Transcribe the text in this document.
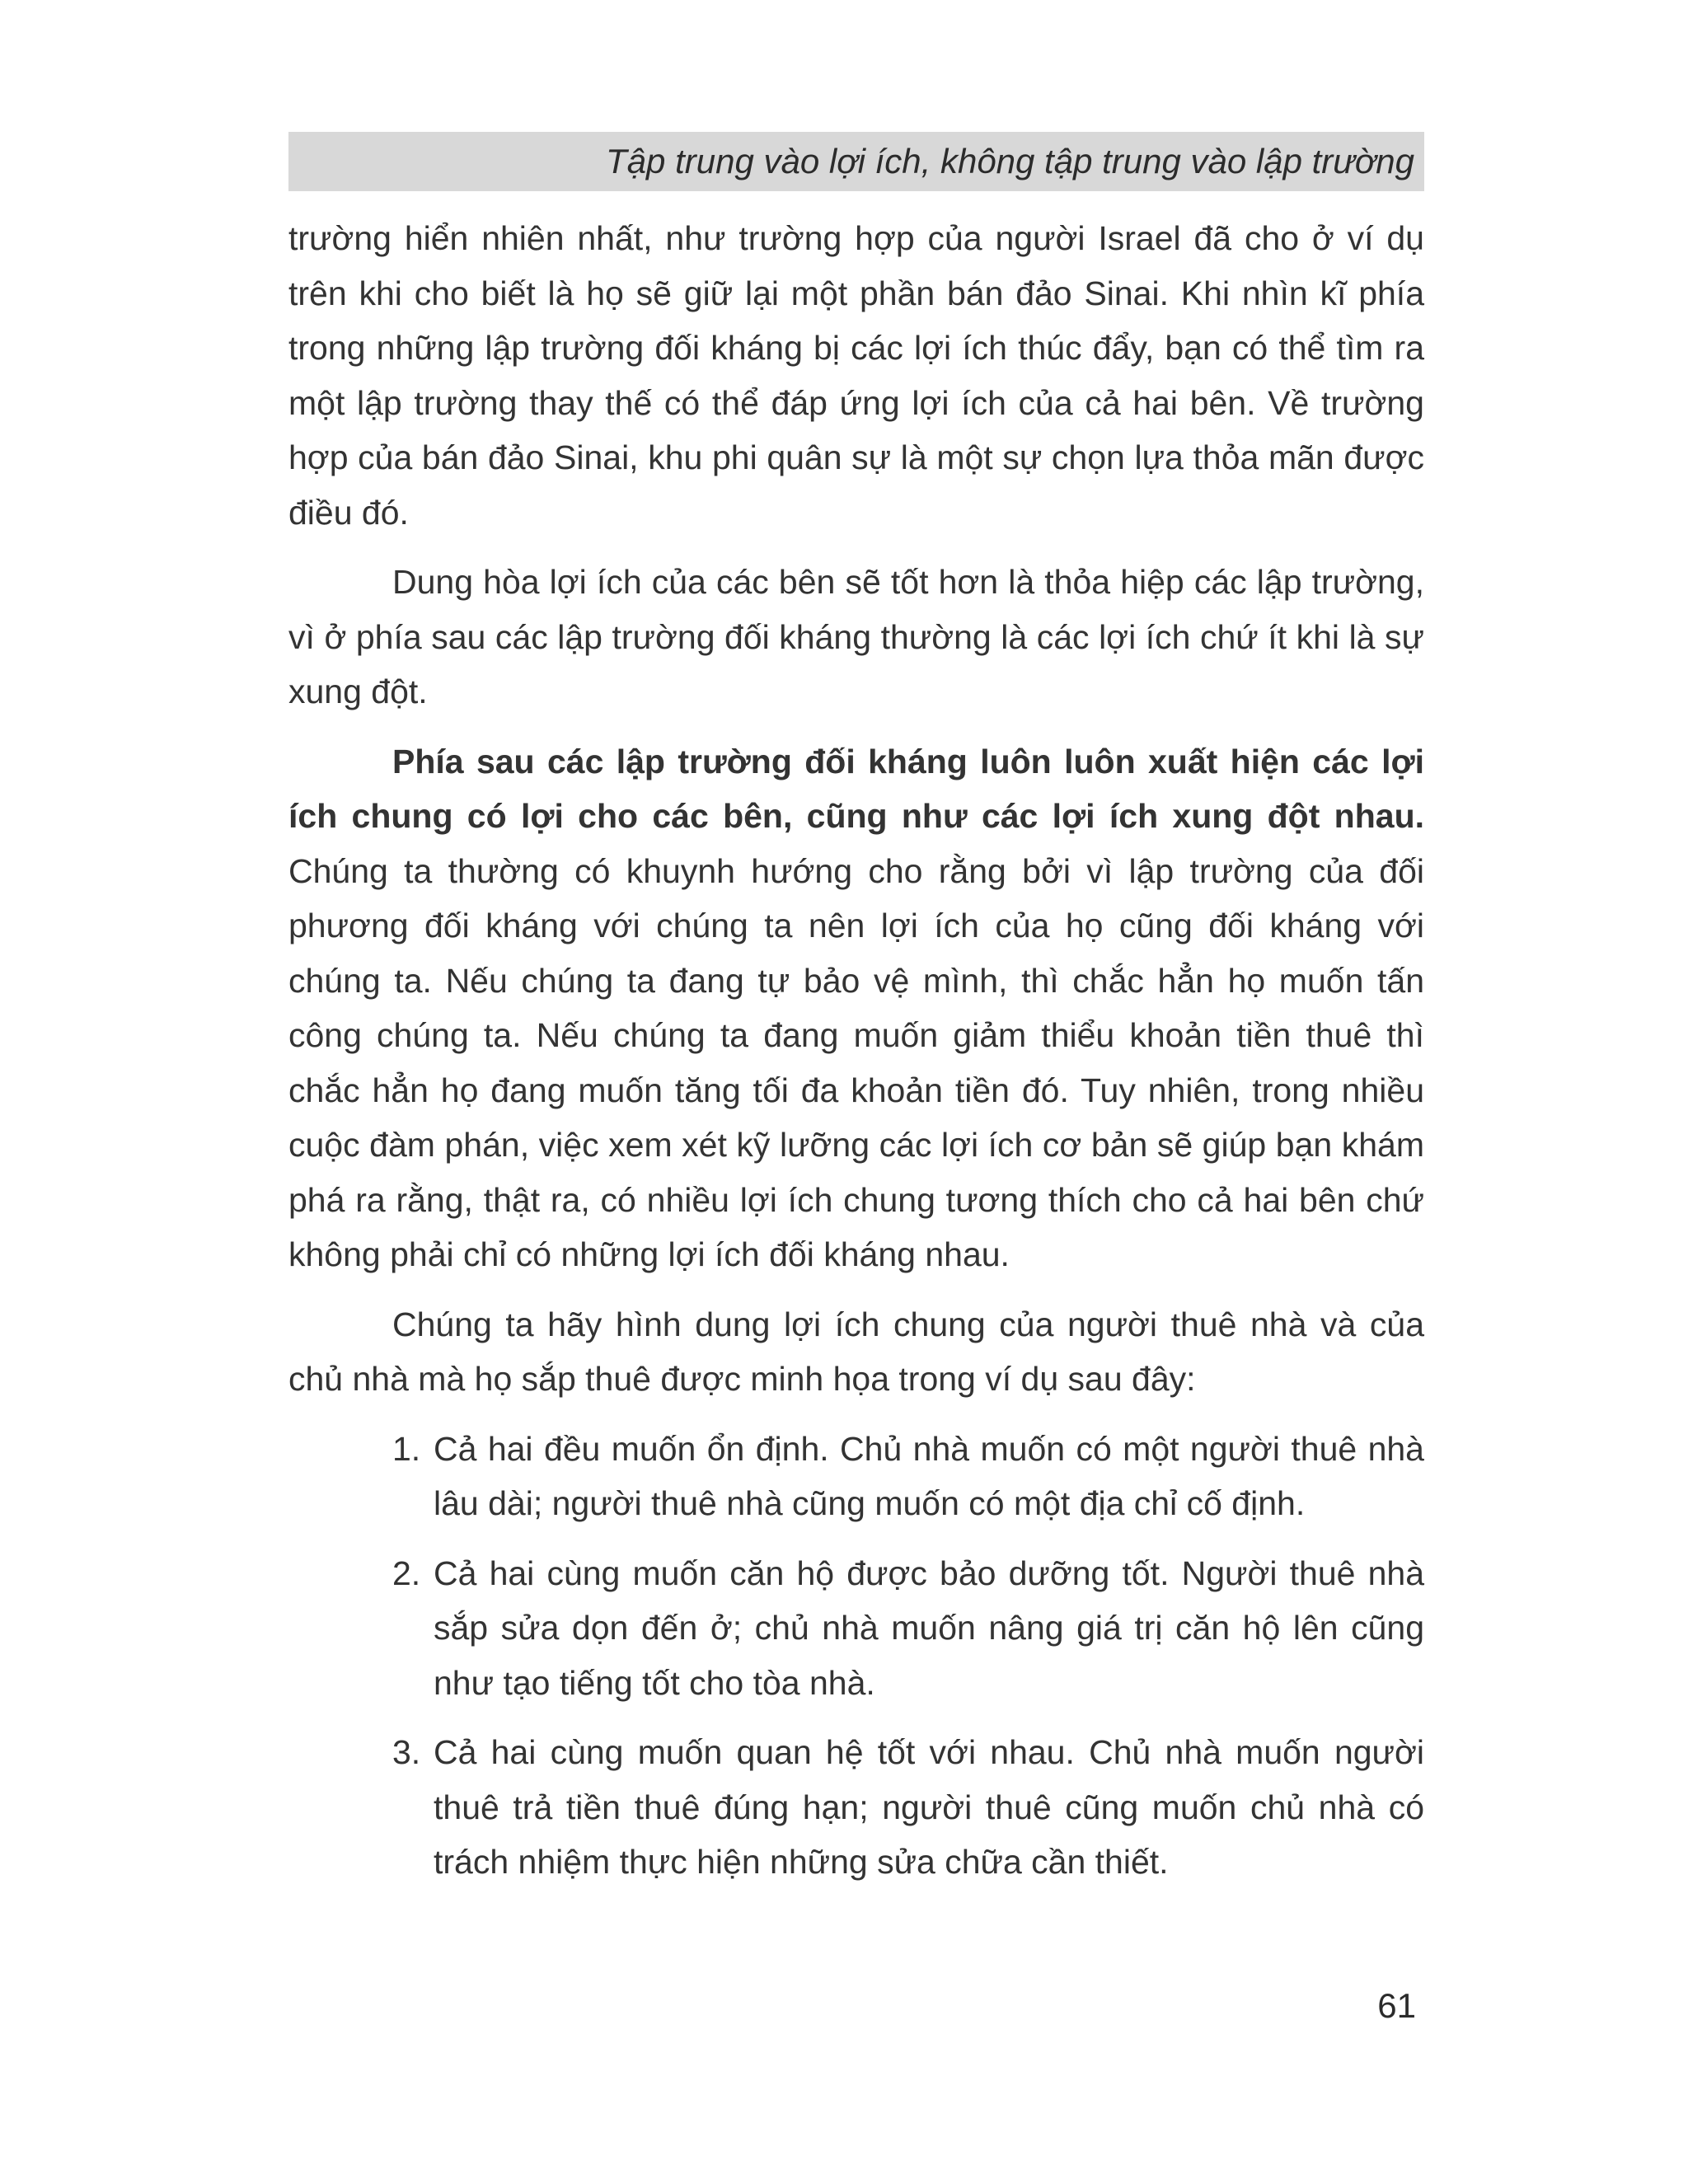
Tập trung vào lợi ích, không tập trung vào lập trường

trường hiển nhiên nhất, như trường hợp của người Israel đã cho ở ví dụ trên khi cho biết là họ sẽ giữ lại một phần bán đảo Sinai. Khi nhìn kĩ phía trong những lập trường đối kháng bị các lợi ích thúc đẩy, bạn có thể tìm ra một lập trường thay thế có thể đáp ứng lợi ích của cả hai bên. Về trường hợp của bán đảo Sinai, khu phi quân sự là một sự chọn lựa thỏa mãn được điều đó.

Dung hòa lợi ích của các bên sẽ tốt hơn là thỏa hiệp các lập trường, vì ở phía sau các lập trường đối kháng thường là các lợi ích chứ ít khi là sự xung đột.

Phía sau các lập trường đối kháng luôn luôn xuất hiện các lợi ích chung có lợi cho các bên, cũng như các lợi ích xung đột nhau. Chúng ta thường có khuynh hướng cho rằng bởi vì lập trường của đối phương đối kháng với chúng ta nên lợi ích của họ cũng đối kháng với chúng ta. Nếu chúng ta đang tự bảo vệ mình, thì chắc hẳn họ muốn tấn công chúng ta. Nếu chúng ta đang muốn giảm thiểu khoản tiền thuê thì chắc hẳn họ đang muốn tăng tối đa khoản tiền đó. Tuy nhiên, trong nhiều cuộc đàm phán, việc xem xét kỹ lưỡng các lợi ích cơ bản sẽ giúp bạn khám phá ra rằng, thật ra, có nhiều lợi ích chung tương thích cho cả hai bên chứ không phải chỉ có những lợi ích đối kháng nhau.

Chúng ta hãy hình dung lợi ích chung của người thuê nhà và của chủ nhà mà họ sắp thuê được minh họa trong ví dụ sau đây:

1. Cả hai đều muốn ổn định. Chủ nhà muốn có một người thuê nhà lâu dài; người thuê nhà cũng muốn có một địa chỉ cố định.
2. Cả hai cùng muốn căn hộ được bảo dưỡng tốt. Người thuê nhà sắp sửa dọn đến ở; chủ nhà muốn nâng giá trị căn hộ lên cũng như tạo tiếng tốt cho tòa nhà.
3. Cả hai cùng muốn quan hệ tốt với nhau. Chủ nhà muốn người thuê trả tiền thuê đúng hạn; người thuê cũng muốn chủ nhà có trách nhiệm thực hiện những sửa chữa cần thiết.
61
